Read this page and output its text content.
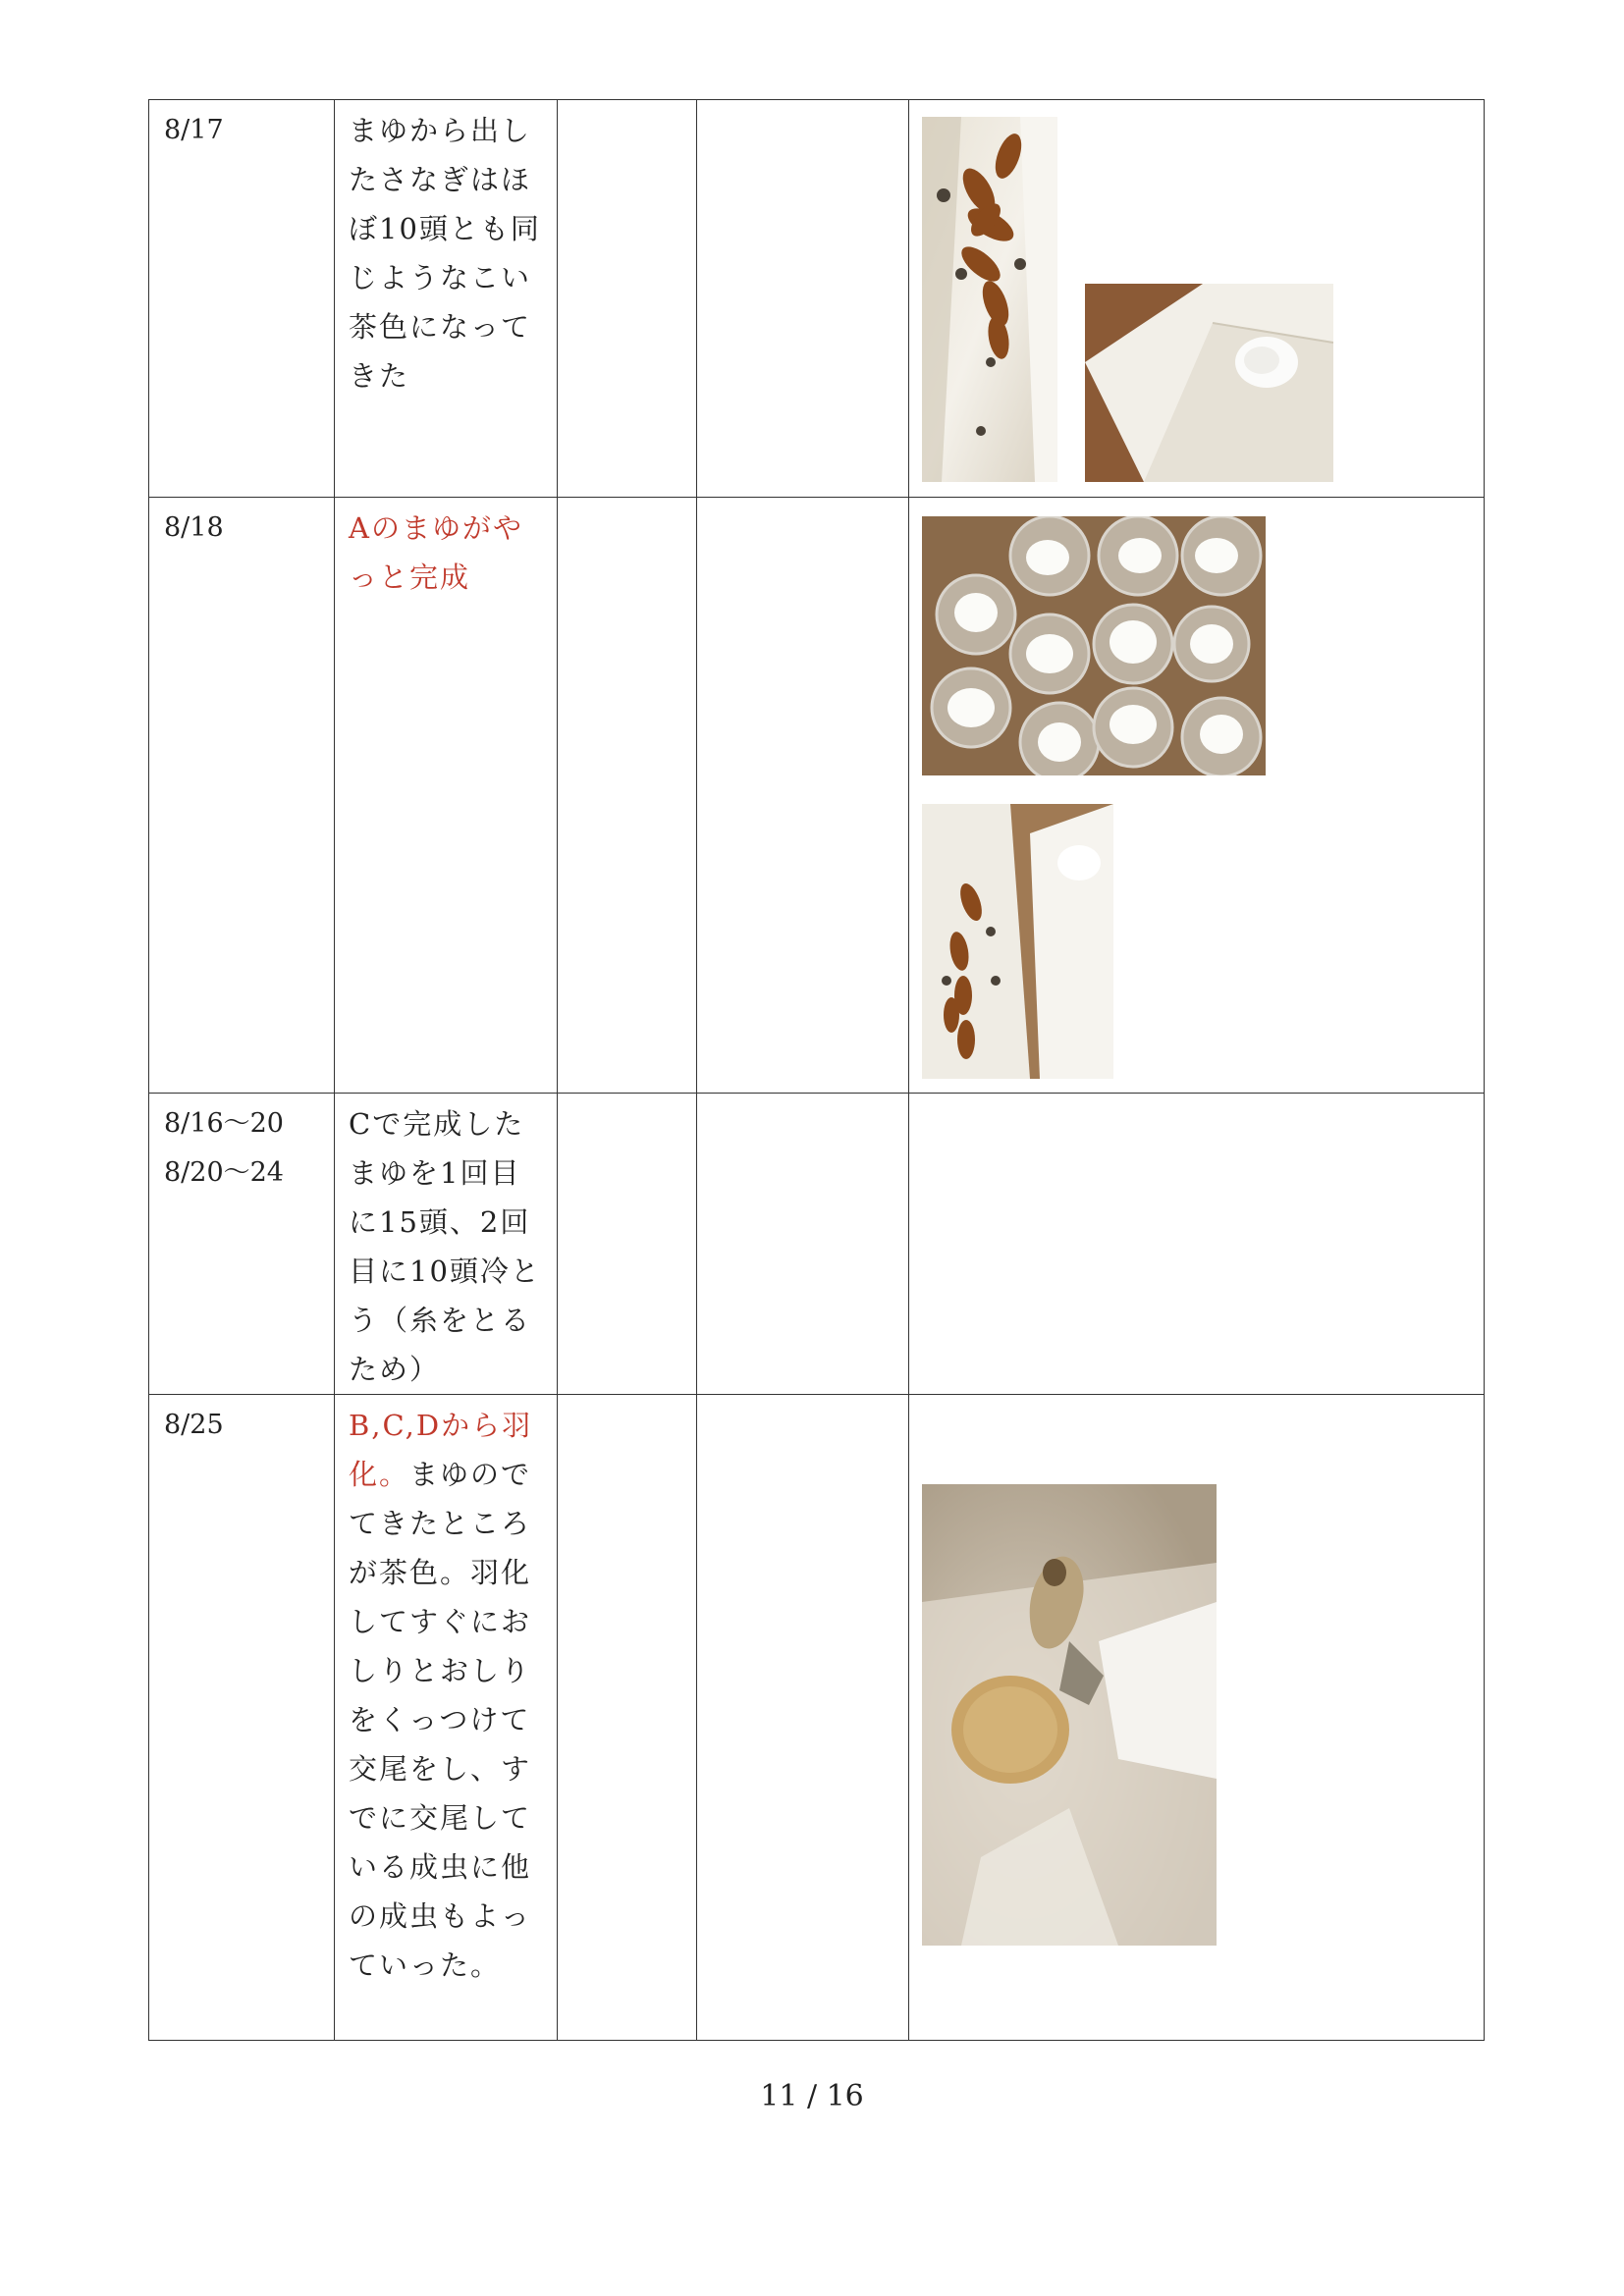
8/17	まゆから出したさなぎはほぼ10頭とも同じようなこい茶色になってきた

8/18	Aのまゆがやっと完成

8/16〜20
8/20〜24	Cで完成したまゆを1回目に15頭、2回目に10頭冷とう（糸をとるため）			

8/25	B,C,Dから羽化。まゆのでてきたところが茶色。羽化してすぐにおしりとおしりをくっつけて交尾をし、すでに交尾している成虫に他の成虫もよっていった。

11 / 16
